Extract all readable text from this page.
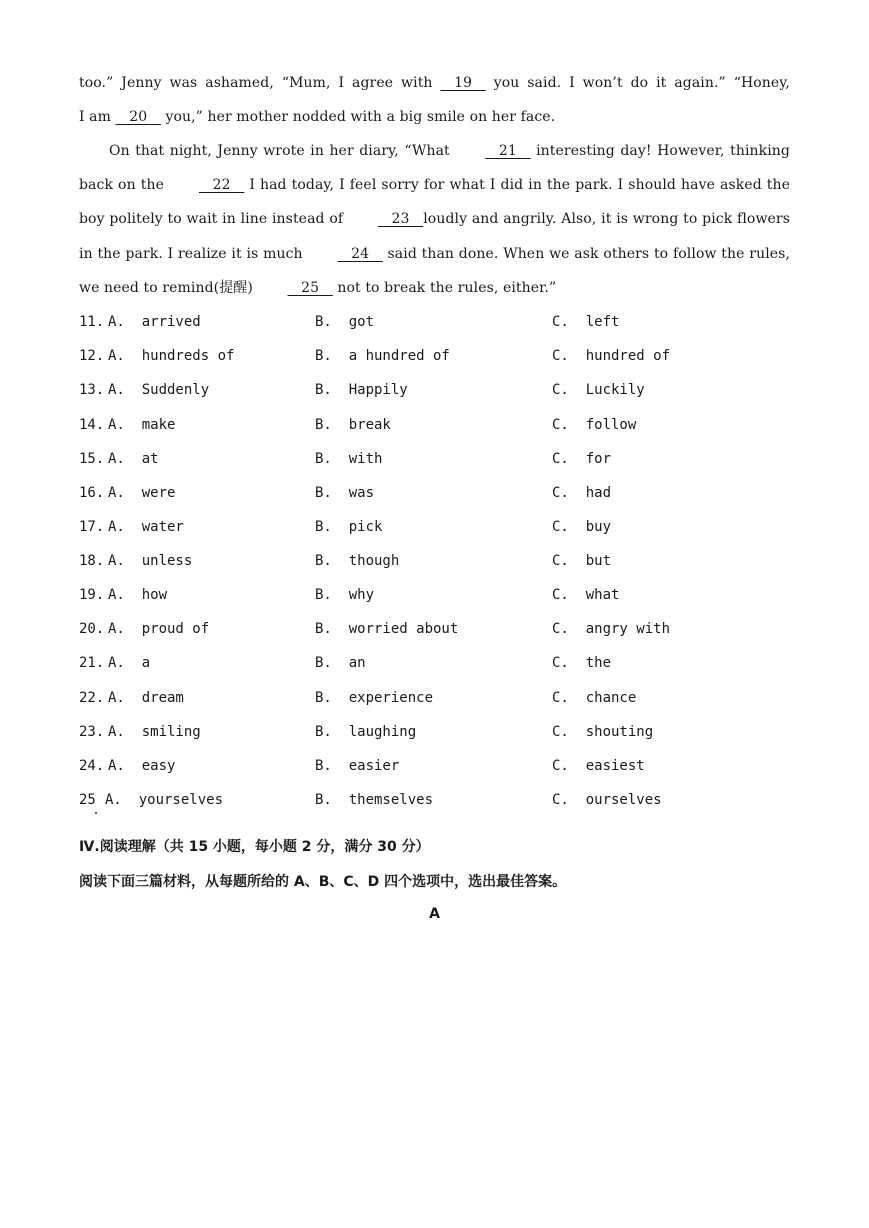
too.” Jenny was ashamed, “Mum, I agree with    19    you said. I won’t do it again.” “Honey,
I am    20    you,” her mother nodded with a big smile on her face.
On that night, Jenny wrote in her diary, “What    21    interesting day! However, thinking back on the    22    I had today, I feel sorry for what I did in the park. I should have asked the boy politely to wait in line instead of    23   loudly and angrily. Also, it is wrong to pick flowers in the park. I realize it is much    24    said than done. When we ask others to follow the rules, we need to remind(提醒)    25    not to break the rules, either.”
11. A.  arrived	B.  got	C.  left
12. A.  hundreds of	B.  a hundred of	C.  hundred of
13. A.  Suddenly	B.  Happily	C.  Luckily
14. A.  make	B.  break	C.  follow
15. A.  at	B.  with	C.  for
16. A.  were	B.  was	C.  had
17. A.  water	B.  pick	C.  buy
18. A.  unless	B.  though	C.  but
19. A.  how	B.  why	C.  what
20. A.  proud of	B.  worried about	C.  angry with
21. A.  a	B.  an	C.  the
22. A.  dream	B.  experience	C.  chance
23. A.  smiling	B.  laughing	C.  shouting
24. A.  easy	B.  easier	C.  easiest
25 A.  yourselves	B.  themselves	C.  ourselves
Ⅳ.阅读理解（共 15 小题，每小题 2 分，满分 30 分）
阅读下面三篇材料，从每题所给的 A、B、C、D 四个选项中，选出最佳答案。
A
